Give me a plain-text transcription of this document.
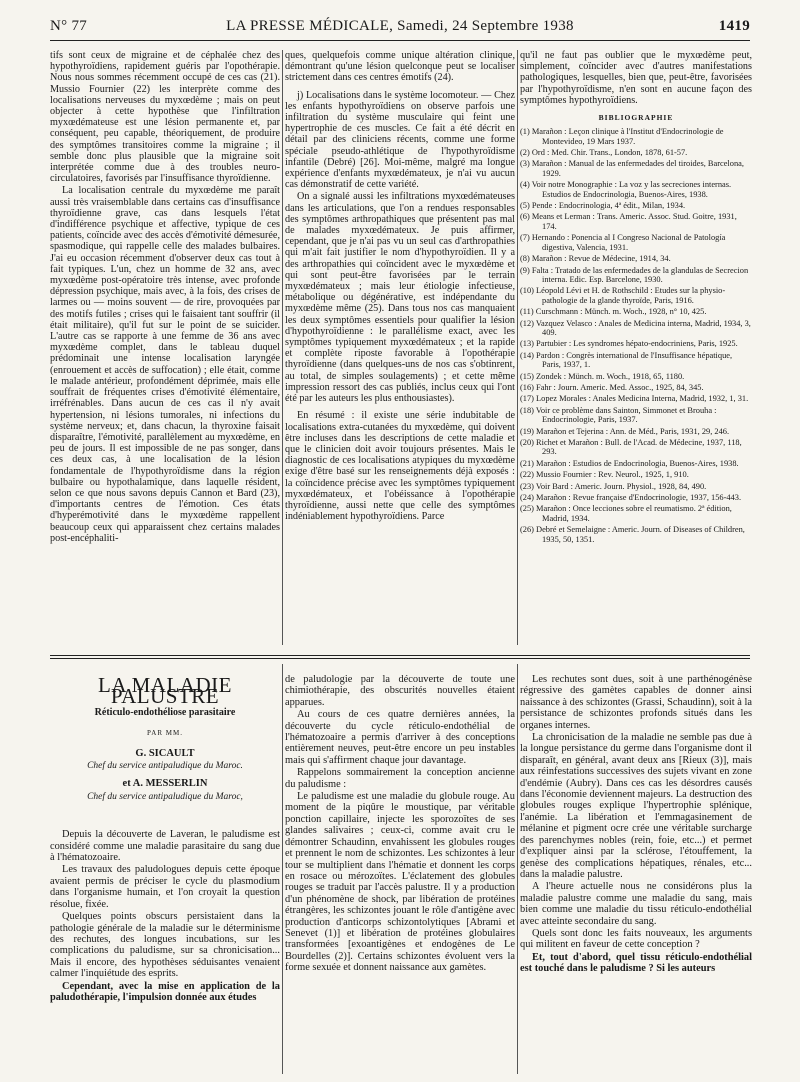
N° 77	LA PRESSE MÉDICALE, Samedi, 24 Septembre 1938	1419

tifs sont ceux de migraine et de céphalée chez des hypothyroïdiens, rapidement guéris par l'opothérapie. Nous nous sommes récemment occupé de ces cas (21). Mussio Fournier (22) les interprète comme des localisations nerveuses du myxœdème ; mais on peut objecter à cette hypothèse que l'infiltration myxœdémateuse est une lésion permanente et, par conséquent, peu capable, théoriquement, de produire des symptômes transitoires comme la migraine ; il semble donc plus plausible que la migraine soit interprétée comme due à des troubles neuro-circulatoires, favorisés par l'insuffisance thyroïdienne.

La localisation centrale du myxœdème me paraît aussi très vraisemblable dans certains cas d'insuffisance thyroïdienne grave, cas dans lesquels l'état d'indifférence psychique et affective, typique de ces patients, coïncide avec des accès d'émotivité démesurée, spasmodique, qui rappelle celle des malades bulbaires. J'ai eu occasion récemment d'observer deux cas tout à fait typiques. L'un, chez un homme de 32 ans, avec myxœdème post-opératoire très intense, avec profonde dépression psychique, mais avec, à la fois, des crises de larmes ou — moins souvent — de rire, provoquées par des motifs futiles ; crises qui le faisaient tant souffrir (il était militaire), qu'il fut sur le point de se suicider. L'autre cas se rapporte à une femme de 36 ans avec myxœdème complet, dans le tableau duquel prédominait une intense localisation laryngée (enrouement et accès de suffocation) ; elle était, comme le malade antérieur, profondément déprimée, mais elle souffrait de fréquentes crises d'émotivité élémentaire, irréfrénables. Dans aucun de ces cas il n'y avait hypertension, ni lésions tumorales, ni infections du système nerveux; et, dans chacun, la thyroxine faisait disparaître, l'émotivité, parallèlement au myxœdème, en peu de jours. Il est impossible de ne pas songer, dans ces deux cas, à une localisation de la lésion fondamentale de l'hypothyroïdisme dans la région bulbaire ou hypothalamique, dans laquelle résident, selon ce que nous savons depuis Cannon et Bard (23), d'importants centres de l'émotion. Ces états d'hyperémotivité dans le myxœdème rappellent beaucoup ceux qui apparaissent chez certains malades post-encéphaliti-

ques, quelquefois comme unique altération clinique, démontrant qu'une lésion quelconque peut se localiser strictement dans ces centres émotifs (24).

j) Localisations dans le système locomoteur. — Chez les enfants hypothyroïdiens on observe parfois une infiltration du système musculaire qui feint une hypertrophie de ces muscles. Ce fait a été décrit en détail par des cliniciens récents, comme une forme spéciale pseudo-athlétique de l'hypothyroïdisme infantile (Debré) [26]. Moi-même, malgré ma longue expérience d'enfants myxœdémateux, je n'ai vu aucun cas démonstratif de cette variété.

On a signalé aussi les infiltrations myxœdémateuses dans les articulations, que l'on a rendues responsables des symptômes arthropathiques que présentent pas mal de malades myxœdémateux. Je puis affirmer, cependant, que je n'ai pas vu un seul cas d'arthropathies qui m'ait fait justifier le nom d'hypothyroïdien. Il y a des arthropathies qui coïncident avec le myxœdème et qui sont peut-être favorisées par le terrain myxœdémateux ; mais leur étiologie infectieuse, métabolique ou dégénérative, est indépendante du myxœdème même (25). Dans tous nos cas manquaient les deux symptômes essentiels pour qualifier la lésion d'hypothyroïdienne : le parallélisme exact, avec les symptômes typiquement myxœdémateux ; et la rapide et complète riposte favorable à l'opothérapie thyroïdienne (dans quelques-uns de nos cas s'obtinrent, au total, de simples soulagements) ; et cette même impression ressort des cas publiés, inclus ceux qui l'ont été par les auteurs les plus enthousiastes).

En résumé : il existe une série indubitable de localisations extra-cutanées du myxœdème, qui doivent être incluses dans les descriptions de cette maladie et que le clinicien doit avoir toujours présentes. Mais le diagnostic de ces localisations atypiques du myxœdème exige d'être basé sur les renseignements déjà exposés : la coïncidence précise avec les symptômes typiquement myxœdémateux, et l'obéissance à l'opothérapie thyroïdienne, aussi nette que celle des symptômes indéniablement hypothyroïdiens. Parce

qu'il ne faut pas oublier que le myxœdème peut, simplement, coïncider avec d'autres manifestations pathologiques, lesquelles, bien que, peut-être, favorisées par l'hypothyroïdisme, n'en sont en aucune façon des symptômes hypothyroïdiens.

BIBLIOGRAPHIE
(1) Marañon : Leçon clinique à l'Institut d'Endocrinologie de Montevideo, 19 Mars 1937.
(2) Ord : Med. Chir. Trans., London, 1878, 61-57.
(3) Marañon : Manual de las enfermedades del tiroides, Barcelona, 1929.
(4) Voir notre Monographie : La voz y las secreciones internas. Estudios de Endocrinologia, Buenos-Aires, 1938.
(5) Pende : Endocrinologia, 4ª édit., Milan, 1934.
(6) Means et Lerman : Trans. Americ. Assoc. Stud. Goitre, 1931, 174.
(7) Hernando : Ponencia al I Congreso Nacional de Patología digestiva, Valencia, 1931.
(8) Marañon : Revue de Médecine, 1914, 34.
(9) Falta : Tratado de las enfermedades de la glandulas de Secrecion interna. Edic. Esp. Barcelone, 1930.
(10) Léopold Lévi et H. de Rothschild : Etudes sur la physio-pathologie de la glande thyroïde, Paris, 1916.
(11) Curschmann : Münch. m. Woch., 1928, n° 10, 425.
(12) Vazquez Velasco : Anales de Medicina interna, Madrid, 1934, 3, 409.
(13) Partubier : Les syndromes hépato-endocriniens, Paris, 1925.
(14) Pardon : Congrès international de l'Insuffisance hépatique, Paris, 1937, 1.
(15) Zondek : Münch. m. Woch., 1918, 65, 1180.
(16) Fahr : Journ. Americ. Med. Assoc., 1925, 84, 345.
(17) Lopez Morales : Anales Medicina Interna, Madrid, 1932, 1, 31.
(18) Voir ce problème dans Sainton, Simmonet et Brouha : Endocrinologie, Paris, 1937.
(19) Marañon et Tejerina : Ann. de Méd., Paris, 1931, 29, 246.
(20) Richet et Marañon : Bull. de l'Acad. de Médecine, 1937, 118, 293.
(21) Marañon : Estudios de Endocrinologia, Buenos-Aires, 1938.
(22) Mussio Fournier : Rev. Neurol., 1925, 1, 910.
(23) Voir Bard : Americ. Journ. Physiol., 1928, 84, 490.
(24) Marañon : Revue française d'Endocrinologie, 1937, 156-443.
(25) Marañon : Once lecciones sobre el reumatismo. 2ª édition, Madrid, 1934.
(26) Debré et Semelaigne : Americ. Journ. of Diseases of Children, 1935, 50, 1351.
LA MALADIE PALUSTRE
Réticulo-endothéliose parasitaire
PAR MM.
G. SICAULT
Chef du service antipaludique du Maroc.
et A. MESSERLIN
Chef du service antipaludique du Maroc,

Depuis la découverte de Laveran, le paludisme est considéré comme une maladie parasitaire du sang due à l'hématozoaire.

Les travaux des paludologues depuis cette époque avaient permis de préciser le cycle du plasmodium dans l'organisme humain, et l'on croyait la question résolue, fixée.

Quelques points obscurs persistaient dans la pathologie générale de la maladie sur le déterminisme des rechutes, des longues incubations, sur les complications du paludisme, sur sa chronicisation... Mais il encore, des hypothèses séduisantes venaient calmer l'inquiétude des esprits.

Cependant, avec la mise en application de la paludothérapie, l'impulsion donnée aux études

de paludologie par la découverte de toute une chimiothérapie, des obscurités nouvelles étaient apparues.

Au cours de ces quatre dernières années, la découverte du cycle réticulo-endothélial de l'hématozoaire a permis d'arriver à des conceptions entièrement neuves, peut-être encore un peu instables mais qui s'affirment chaque jour davantage.

Rappelons sommairement la conception ancienne du paludisme :

Le paludisme est une maladie du globule rouge. Au moment de la piqûre le moustique, par véritable ponction capillaire, injecte les sporozoïtes de ses glandes salivaires ; ceux-ci, comme avait cru le démontrer Schaudinn, envahissent les globules rouges et prennent le nom de schizontes. Les schizontes à leur tour se multiplient dans l'hématie et donnent les corps en rosace ou mérozoïtes. L'éclatement des globules rouges se traduit par l'accès palustre. Il y a production d'un phénomène de shock, par libération de protéines étrangères, les schizontes jouant le rôle d'antigène avec production d'anticorps schizontolytiques [Abrami et Senevet (1)] et libération de protéines globulaires transformées [exoantigènes et endogènes de Le Bourdelles (2)]. Certains schizontes évoluent vers la forme sexuée et donnent naissance aux gamètes.

Les rechutes sont dues, soit à une parthénogénèse régressive des gamètes capables de donner ainsi naissance à des schizontes (Grassi, Schaudinn), soit à la persistance de schizontes profonds situés dans les organes internes.

La chronicisation de la maladie ne semble pas due à la longue persistance du germe dans l'organisme dont il disparaît, en général, avant deux ans [Rieux (3)], mais aux réinfestations successives des sujets vivant en zone d'endémie (Aubry). Dans ces cas les désordres causés dans l'économie deviennent majeurs. La destruction des globules rouges explique l'hypertrophie splénique, l'anémie. La libération et l'emmagasinement de mélanine et pigment ocre crée une véritable surcharge des parenchymes nobles (rein, foie, etc...) et permet d'expliquer ainsi par la sclérose, l'étouffement, la genèse des complications hépatiques, rénales, etc... dans la maladie palustre.

A l'heure actuelle nous ne considérons plus la maladie palustre comme une maladie du sang, mais bien comme une maladie du tissu réticulo-endothélial avec atteinte secondaire du sang.

Quels sont donc les faits nouveaux, les arguments qui militent en faveur de cette conception ?

Et, tout d'abord, quel tissu réticulo-endothélial est touché dans le paludisme ? Si les auteurs
